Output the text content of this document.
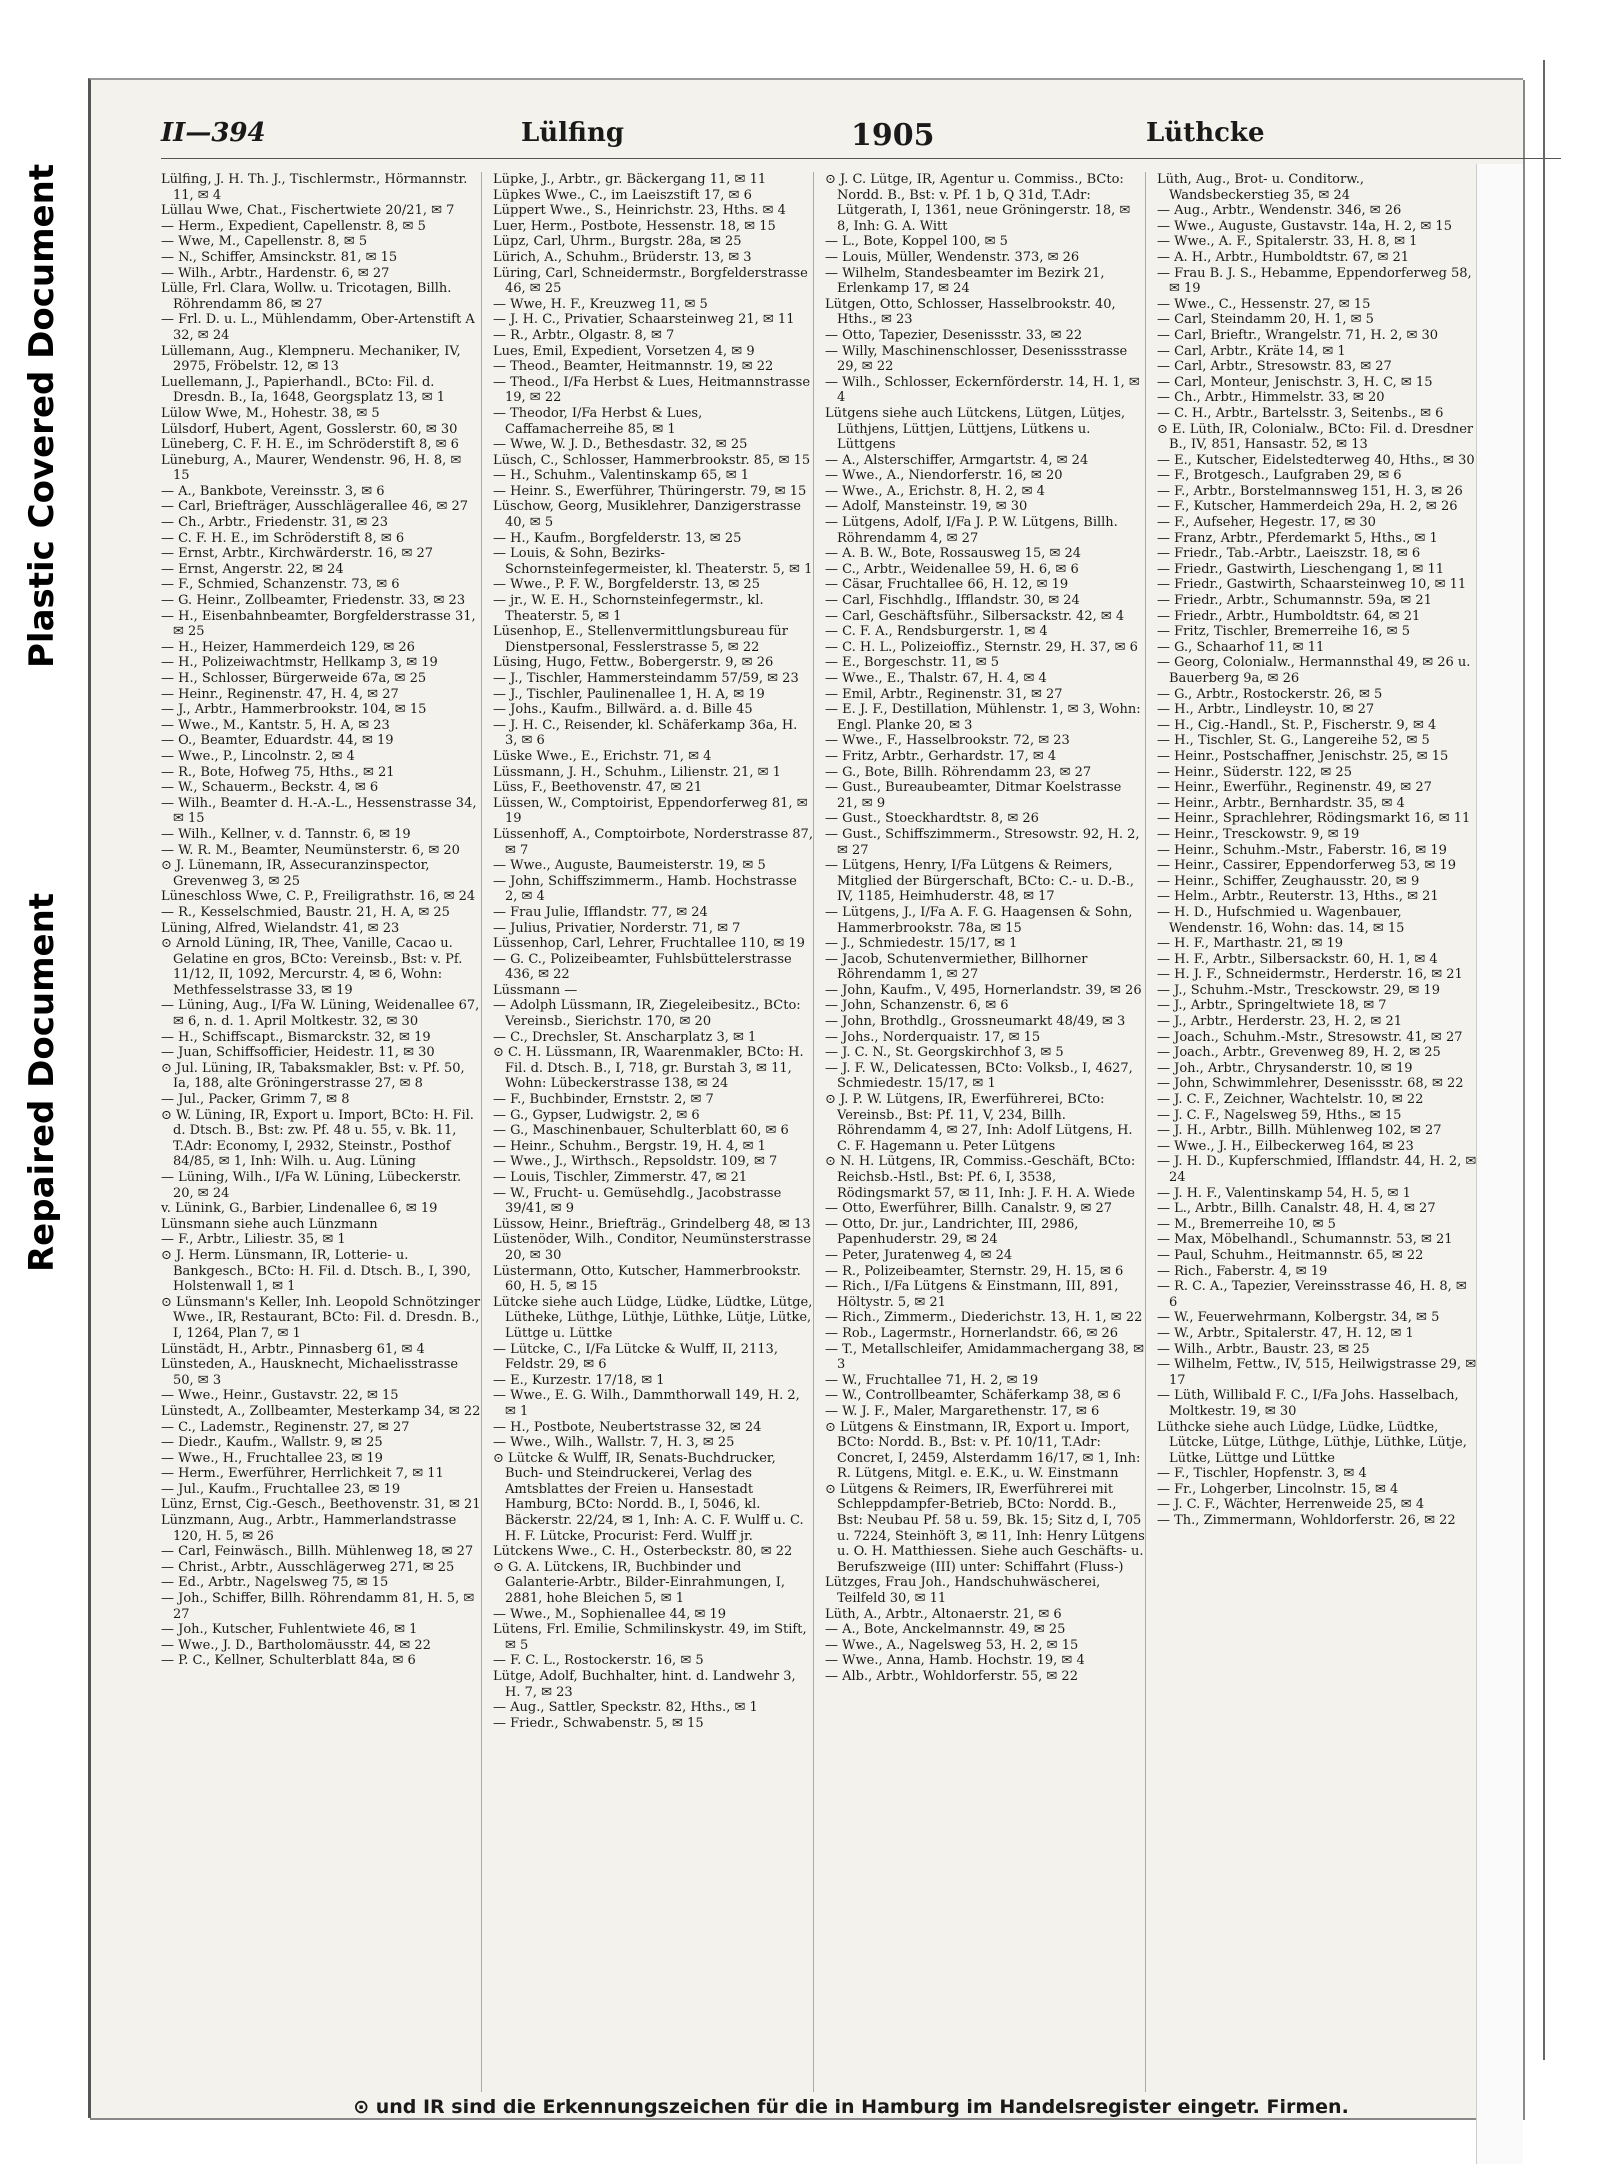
Plastic Covered Document
Repaired Document
II—394	Lülfing	1905	Lüthcke

Lülfing, J. H. Th. J., Tischlermstr., Hörmannstr. 11, ✉ 4

Lüllau Wwe, Chat., Fischertwiete 20/21, ✉ 7

— Herm., Expedient, Capellenstr. 8, ✉ 5

— Wwe, M., Capellenstr. 8, ✉ 5

— N., Schiffer, Amsinckstr. 81, ✉ 15

— Wilh., Arbtr., Hardenstr. 6, ✉ 27

Lülle, Frl. Clara, Wollw. u. Tricotagen, Billh. Röhrendamm 86, ✉ 27

— Frl. D. u. L., Mühlendamm, Ober-Artenstift A 32, ✉ 24

Lüllemann, Aug., Klempneru. Mechaniker, IV, 2975, Fröbelstr. 12, ✉ 13

Luellemann, J., Papierhandl., BCto: Fil. d. Dresdn. B., Ia, 1648, Georgsplatz 13, ✉ 1

Lülow Wwe, M., Hohestr. 38, ✉ 5

Lülsdorf, Hubert, Agent, Gosslerstr. 60, ✉ 30

Lüneberg, C. F. H. E., im Schröderstift 8, ✉ 6

Lüneburg, A., Maurer, Wendenstr. 96, H. 8, ✉ 15

— A., Bankbote, Vereinsstr. 3, ✉ 6

— Carl, Briefträger, Ausschlägerallee 46, ✉ 27

— Ch., Arbtr., Friedenstr. 31, ✉ 23

— C. F. H. E., im Schröderstift 8, ✉ 6

— Ernst, Arbtr., Kirchwärderstr. 16, ✉ 27

— Ernst, Angerstr. 22, ✉ 24

— F., Schmied, Schanzenstr. 73, ✉ 6

— G. Heinr., Zollbeamter, Friedenstr. 33, ✉ 23

— H., Eisenbahnbeamter, Borgfelderstrasse 31, ✉ 25

— H., Heizer, Hammerdeich 129, ✉ 26

— H., Polizeiwachtmstr, Hellkamp 3, ✉ 19

— H., Schlosser, Bürgerweide 67a, ✉ 25

— Heinr., Reginenstr. 47, H. 4, ✉ 27

— J., Arbtr., Hammerbrookstr. 104, ✉ 15

— Wwe., M., Kantstr. 5, H. A, ✉ 23

— O., Beamter, Eduardstr. 44, ✉ 19

— Wwe., P., Lincolnstr. 2, ✉ 4

— R., Bote, Hofweg 75, Hths., ✉ 21

— W., Schauerm., Beckstr. 4, ✉ 6

— Wilh., Beamter d. H.-A.-L., Hessenstrasse 34, ✉ 15

— Wilh., Kellner, v. d. Tannstr. 6, ✉ 19

— W. R. M., Beamter, Neumünsterstr. 6, ✉ 20

⊙ J. Lünemann, IR, Assecuranzinspector, Grevenweg 3, ✉ 25

Lüneschloss Wwe, C. P., Freiligrathstr. 16, ✉ 24

— R., Kesselschmied, Baustr. 21, H. A, ✉ 25

Lüning, Alfred, Wielandstr. 41, ✉ 23

⊙ Arnold Lüning, IR, Thee, Vanille, Cacao u. Gelatine en gros, BCto: Vereinsb., Bst: v. Pf. 11/12, II, 1092, Mercurstr. 4, ✉ 6, Wohn: Methfesselstrasse 33, ✉ 19

— Lüning, Aug., I/Fa W. Lüning, Weidenallee 67, ✉ 6, n. d. 1. April Moltkestr. 32, ✉ 30

— H., Schiffscapt., Bismarckstr. 32, ✉ 19

— Juan, Schiffsofficier, Heidestr. 11, ✉ 30

⊙ Jul. Lüning, IR, Tabaksmakler, Bst: v. Pf. 50, Ia, 188, alte Gröningerstrasse 27, ✉ 8

— Jul., Packer, Grimm 7, ✉ 8

⊙ W. Lüning, IR, Export u. Import, BCto: H. Fil. d. Dtsch. B., Bst: zw. Pf. 48 u. 55, v. Bk. 11, T.Adr: Economy, I, 2932, Steinstr., Posthof 84/85, ✉ 1, Inh: Wilh. u. Aug. Lüning

— Lüning, Wilh., I/Fa W. Lüning, Lübeckerstr. 20, ✉ 24

v. Lünink, G., Barbier, Lindenallee 6, ✉ 19

Lünsmann siehe auch Lünzmann

— F., Arbtr., Liliestr. 35, ✉ 1

⊙ J. Herm. Lünsmann, IR, Lotterie- u. Bankgesch., BCto: H. Fil. d. Dtsch. B., I, 390, Holstenwall 1, ✉ 1

⊙ Lünsmann's Keller, Inh. Leopold Schnötzinger Wwe., IR, Restaurant, BCto: Fil. d. Dresdn. B., I, 1264, Plan 7, ✉ 1

Lünstädt, H., Arbtr., Pinnasberg 61, ✉ 4

Lünsteden, A., Hausknecht, Michaelisstrasse 50, ✉ 3

— Wwe., Heinr., Gustavstr. 22, ✉ 15

Lünstedt, A., Zollbeamter, Mesterkamp 34, ✉ 22

— C., Lademstr., Reginenstr. 27, ✉ 27

— Diedr., Kaufm., Wallstr. 9, ✉ 25

— Wwe., H., Fruchtallee 23, ✉ 19

— Herm., Ewerführer, Herrlichkeit 7, ✉ 11

— Jul., Kaufm., Fruchtallee 23, ✉ 19

Lünz, Ernst, Cig.-Gesch., Beethovenstr. 31, ✉ 21

Lünzmann, Aug., Arbtr., Hammerlandstrasse 120, H. 5, ✉ 26

— Carl, Feinwäsch., Billh. Mühlenweg 18, ✉ 27

— Christ., Arbtr., Ausschlägerweg 271, ✉ 25

— Ed., Arbtr., Nagelsweg 75, ✉ 15

— Joh., Schiffer, Billh. Röhrendamm 81, H. 5, ✉ 27

— Joh., Kutscher, Fuhlentwiete 46, ✉ 1

— Wwe., J. D., Bartholomäusstr. 44, ✉ 22

— P. C., Kellner, Schulterblatt 84a, ✉ 6

Lüpke, J., Arbtr., gr. Bäckergang 11, ✉ 11

Lüpkes Wwe., C., im Laeiszstift 17, ✉ 6

Lüppert Wwe., S., Heinrichstr. 23, Hths. ✉ 4

Luer, Herm., Postbote, Hessenstr. 18, ✉ 15

Lüpz, Carl, Uhrm., Burgstr. 28a, ✉ 25

Lürich, A., Schuhm., Brüderstr. 13, ✉ 3

Lüring, Carl, Schneidermstr., Borgfelderstrasse 46, ✉ 25

— Wwe, H. F., Kreuzweg 11, ✉ 5

— J. H. C., Privatier, Schaarsteinweg 21, ✉ 11

— R., Arbtr., Olgastr. 8, ✉ 7

Lues, Emil, Expedient, Vorsetzen 4, ✉ 9

— Theod., Beamter, Heitmannstr. 19, ✉ 22

— Theod., I/Fa Herbst & Lues, Heitmannstrasse 19, ✉ 22

— Theodor, I/Fa Herbst & Lues, Caffamacherreihe 85, ✉ 1

— Wwe, W. J. D., Bethesdastr. 32, ✉ 25

Lüsch, C., Schlosser, Hammerbrookstr. 85, ✉ 15

— H., Schuhm., Valentinskamp 65, ✉ 1

— Heinr. S., Ewerführer, Thüringerstr. 79, ✉ 15

Lüschow, Georg, Musiklehrer, Danzigerstrasse 40, ✉ 5

— H., Kaufm., Borgfelderstr. 13, ✉ 25

— Louis, & Sohn, Bezirks-Schornsteinfegermeister, kl. Theaterstr. 5, ✉ 1

— Wwe., P. F. W., Borgfelderstr. 13, ✉ 25

— jr., W. E. H., Schornsteinfegermstr., kl. Theaterstr. 5, ✉ 1

Lüsenhop, E., Stellenvermittlungsbureau für Dienstpersonal, Fesslerstrasse 5, ✉ 22

Lüsing, Hugo, Fettw., Bobergerstr. 9, ✉ 26

— J., Tischler, Hammersteindamm 57/59, ✉ 23

— J., Tischler, Paulinenallee 1, H. A, ✉ 19

— Johs., Kaufm., Billwärd. a. d. Bille 45

— J. H. C., Reisender, kl. Schäferkamp 36a, H. 3, ✉ 6

Lüske Wwe., E., Erichstr. 71, ✉ 4

Lüssmann, J. H., Schuhm., Lilienstr. 21, ✉ 1

Lüss, F., Beethovenstr. 47, ✉ 21

Lüssen, W., Comptoirist, Eppendorferweg 81, ✉ 19

Lüssenhoff, A., Comptoirbote, Norderstrasse 87, ✉ 7

— Wwe., Auguste, Baumeisterstr. 19, ✉ 5

— John, Schiffszimmerm., Hamb. Hochstrasse 2, ✉ 4

— Frau Julie, Ifflandstr. 77, ✉ 24

— Julius, Privatier, Norderstr. 71, ✉ 7

Lüssenhop, Carl, Lehrer, Fruchtallee 110, ✉ 19

— G. C., Polizeibeamter, Fuhlsbüttelerstrasse 436, ✉ 22

Lüssmann —

— Adolph Lüssmann, IR, Ziegeleibesitz., BCto: Vereinsb., Sierichstr. 170, ✉ 20

— C., Drechsler, St. Anscharplatz 3, ✉ 1

⊙ C. H. Lüssmann, IR, Waarenmakler, BCto: H. Fil. d. Dtsch. B., I, 718, gr. Burstah 3, ✉ 11, Wohn: Lübeckerstrasse 138, ✉ 24

— F., Buchbinder, Ernststr. 2, ✉ 7

— G., Gypser, Ludwigstr. 2, ✉ 6

— G., Maschinenbauer, Schulterblatt 60, ✉ 6

— Heinr., Schuhm., Bergstr. 19, H. 4, ✉ 1

— Wwe., J., Wirthsch., Repsoldstr. 109, ✉ 7

— Louis, Tischler, Zimmerstr. 47, ✉ 21

— W., Frucht- u. Gemüsehdlg., Jacobstrasse 39/41, ✉ 9

Lüssow, Heinr., Briefträg., Grindelberg 48, ✉ 13

Lüstenöder, Wilh., Conditor, Neumünsterstrasse 20, ✉ 30

Lüstermann, Otto, Kutscher, Hammerbrookstr. 60, H. 5, ✉ 15

Lütcke siehe auch Lüdge, Lüdke, Lüdtke, Lütge, Lütheke, Lüthge, Lüthje, Lüthke, Lütje, Lütke, Lüttge u. Lüttke

— Lütcke, C., I/Fa Lütcke & Wulff, II, 2113, Feldstr. 29, ✉ 6

— E., Kurzestr. 17/18, ✉ 1

— Wwe., E. G. Wilh., Dammthorwall 149, H. 2, ✉ 1

— H., Postbote, Neubertstrasse 32, ✉ 24

— Wwe., Wilh., Wallstr. 7, H. 3, ✉ 25

⊙ Lütcke & Wulff, IR, Senats-Buchdrucker, Buch- und Steindruckerei, Verlag des Amtsblattes der Freien u. Hansestadt Hamburg, BCto: Nordd. B., I, 5046, kl. Bäckerstr. 22/24, ✉ 1, Inh: A. C. F. Wulff u. C. H. F. Lütcke, Procurist: Ferd. Wulff jr.

Lütckens Wwe., C. H., Osterbeckstr. 80, ✉ 22

⊙ G. A. Lütckens, IR, Buchbinder und Galanterie-Arbtr., Bilder-Einrahmungen, I, 2881, hohe Bleichen 5, ✉ 1

— Wwe., M., Sophienallee 44, ✉ 19

Lütens, Frl. Emilie, Schmilinskystr. 49, im Stift, ✉ 5

— F. C. L., Rostockerstr. 16, ✉ 5

Lütge, Adolf, Buchhalter, hint. d. Landwehr 3, H. 7, ✉ 23

— Aug., Sattler, Speckstr. 82, Hths., ✉ 1

— Friedr., Schwabenstr. 5, ✉ 15

⊙ J. C. Lütge, IR, Agentur u. Commiss., BCto: Nordd. B., Bst: v. Pf. 1 b, Q 31d, T.Adr: Lütgerath, I, 1361, neue Gröningerstr. 18, ✉ 8, Inh: G. A. Witt

— L., Bote, Koppel 100, ✉ 5

— Louis, Müller, Wendenstr. 373, ✉ 26

— Wilhelm, Standesbeamter im Bezirk 21, Erlenkamp 17, ✉ 24

Lütgen, Otto, Schlosser, Hasselbrookstr. 40, Hths., ✉ 23

— Otto, Tapezier, Desenissstr. 33, ✉ 22

— Willy, Maschinenschlosser, Desenissstrasse 29, ✉ 22

— Wilh., Schlosser, Eckernförderstr. 14, H. 1, ✉ 4

Lütgens siehe auch Lütckens, Lütgen, Lütjes, Lüthjens, Lüttjen, Lüttjens, Lütkens u. Lüttgens

— A., Alsterschiffer, Armgartstr. 4, ✉ 24

— Wwe., A., Niendorferstr. 16, ✉ 20

— Wwe., A., Erichstr. 8, H. 2, ✉ 4

— Adolf, Mansteinstr. 19, ✉ 30

— Lütgens, Adolf, I/Fa J. P. W. Lütgens, Billh. Röhrendamm 4, ✉ 27

— A. B. W., Bote, Rossausweg 15, ✉ 24

— C., Arbtr., Weidenallee 59, H. 6, ✉ 6

— Cäsar, Fruchtallee 66, H. 12, ✉ 19

— Carl, Fischhdlg., Ifflandstr. 30, ✉ 24

— Carl, Geschäftsführ., Silbersackstr. 42, ✉ 4

— C. F. A., Rendsburgerstr. 1, ✉ 4

— C. H. L., Polizeioffiz., Sternstr. 29, H. 37, ✉ 6

— E., Borgeschstr. 11, ✉ 5

— Wwe., E., Thalstr. 67, H. 4, ✉ 4

— Emil, Arbtr., Reginenstr. 31, ✉ 27

— E. J. F., Destillation, Mühlenstr. 1, ✉ 3, Wohn: Engl. Planke 20, ✉ 3

— Wwe., F., Hasselbrookstr. 72, ✉ 23

— Fritz, Arbtr., Gerhardstr. 17, ✉ 4

— G., Bote, Billh. Röhrendamm 23, ✉ 27

— Gust., Bureaubeamter, Ditmar Koelstrasse 21, ✉ 9

— Gust., Stoeckhardtstr. 8, ✉ 26

— Gust., Schiffszimmerm., Stresowstr. 92, H. 2, ✉ 27

— Lütgens, Henry, I/Fa Lütgens & Reimers, Mitglied der Bürgerschaft, BCto: C.- u. D.-B., IV, 1185, Heimhuderstr. 48, ✉ 17

— Lütgens, J., I/Fa A. F. G. Haagensen & Sohn, Hammerbrookstr. 78a, ✉ 15

— J., Schmiedestr. 15/17, ✉ 1

— Jacob, Schutenvermiether, Billhorner Röhrendamm 1, ✉ 27

— John, Kaufm., V, 495, Hornerlandstr. 39, ✉ 26

— John, Schanzenstr. 6, ✉ 6

— John, Brothdlg., Grossneumarkt 48/49, ✉ 3

— Johs., Norderquaistr. 17, ✉ 15

— J. C. N., St. Georgskirchhof 3, ✉ 5

— J. F. W., Delicatessen, BCto: Volksb., I, 4627, Schmiedestr. 15/17, ✉ 1

⊙ J. P. W. Lütgens, IR, Ewerführerei, BCto: Vereinsb., Bst: Pf. 11, V, 234, Billh. Röhrendamm 4, ✉ 27, Inh: Adolf Lütgens, H. C. F. Hagemann u. Peter Lütgens

⊙ N. H. Lütgens, IR, Commiss.-Geschäft, BCto: Reichsb.-Hstl., Bst: Pf. 6, I, 3538, Rödingsmarkt 57, ✉ 11, Inh: J. F. H. A. Wiede

— Otto, Ewerführer, Billh. Canalstr. 9, ✉ 27

— Otto, Dr. jur., Landrichter, III, 2986, Papenhuderstr. 29, ✉ 24

— Peter, Juratenweg 4, ✉ 24

— R., Polizeibeamter, Sternstr. 29, H. 15, ✉ 6

— Rich., I/Fa Lütgens & Einstmann, III, 891, Höltystr. 5, ✉ 21

— Rich., Zimmerm., Diederichstr. 13, H. 1, ✉ 22

— Rob., Lagermstr., Hornerlandstr. 66, ✉ 26

— T., Metallschleifer, Amidammachergang 38, ✉ 3

— W., Fruchtallee 71, H. 2, ✉ 19

— W., Controllbeamter, Schäferkamp 38, ✉ 6

— W. J. F., Maler, Margarethenstr. 17, ✉ 6

⊙ Lütgens & Einstmann, IR, Export u. Import, BCto: Nordd. B., Bst: v. Pf. 10/11, T.Adr: Concret, I, 2459, Alsterdamm 16/17, ✉ 1, Inh: R. Lütgens, Mitgl. e. E.K., u. W. Einstmann

⊙ Lütgens & Reimers, IR, Ewerführerei mit Schleppdampfer-Betrieb, BCto: Nordd. B., Bst: Neubau Pf. 58 u. 59, Bk. 15; Sitz d, I, 705 u. 7224, Steinhöft 3, ✉ 11, Inh: Henry Lütgens u. O. H. Matthiessen. Siehe auch Geschäfts- u. Berufszweige (III) unter: Schiffahrt (Fluss-)

Lützges, Frau Joh., Handschuhwäscherei, Teilfeld 30, ✉ 11

Lüth, A., Arbtr., Altonaerstr. 21, ✉ 6

— A., Bote, Anckelmannstr. 49, ✉ 25

— Wwe., A., Nagelsweg 53, H. 2, ✉ 15

— Wwe., Anna, Hamb. Hochstr. 19, ✉ 4

— Alb., Arbtr., Wohldorferstr. 55, ✉ 22

Lüth, Aug., Brot- u. Conditorw., Wandsbeckerstieg 35, ✉ 24

— Aug., Arbtr., Wendenstr. 346, ✉ 26

— Wwe., Auguste, Gustavstr. 14a, H. 2, ✉ 15

— Wwe., A. F., Spitalerstr. 33, H. 8, ✉ 1

— A. H., Arbtr., Humboldtstr. 67, ✉ 21

— Frau B. J. S., Hebamme, Eppendorferweg 58, ✉ 19

— Wwe., C., Hessenstr. 27, ✉ 15

— Carl, Steindamm 20, H. 1, ✉ 5

— Carl, Brieftr., Wrangelstr. 71, H. 2, ✉ 30

— Carl, Arbtr., Kräte 14, ✉ 1

— Carl, Arbtr., Stresowstr. 83, ✉ 27

— Carl, Monteur, Jenischstr. 3, H. C, ✉ 15

— Ch., Arbtr., Himmelstr. 33, ✉ 20

— C. H., Arbtr., Bartelsstr. 3, Seitenbs., ✉ 6

⊙ E. Lüth, IR, Colonialw., BCto: Fil. d. Dresdner B., IV, 851, Hansastr. 52, ✉ 13

— E., Kutscher, Eidelstedterweg 40, Hths., ✉ 30

— F., Brotgesch., Laufgraben 29, ✉ 6

— F., Arbtr., Borstelmannsweg 151, H. 3, ✉ 26

— F., Kutscher, Hammerdeich 29a, H. 2, ✉ 26

— F., Aufseher, Hegestr. 17, ✉ 30

— Franz, Arbtr., Pferdemarkt 5, Hths., ✉ 1

— Friedr., Tab.-Arbtr., Laeiszstr. 18, ✉ 6

— Friedr., Gastwirth, Lieschengang 1, ✉ 11

— Friedr., Gastwirth, Schaarsteinweg 10, ✉ 11

— Friedr., Arbtr., Schumannstr. 59a, ✉ 21

— Friedr., Arbtr., Humboldtstr. 64, ✉ 21

— Fritz, Tischler, Bremerreihe 16, ✉ 5

— G., Schaarhof 11, ✉ 11

— Georg, Colonialw., Hermannsthal 49, ✉ 26 u. Bauerberg 9a, ✉ 26

— G., Arbtr., Rostockerstr. 26, ✉ 5

— H., Arbtr., Lindleystr. 10, ✉ 27

— H., Cig.-Handl., St. P., Fischerstr. 9, ✉ 4

— H., Tischler, St. G., Langereihe 52, ✉ 5

— Heinr., Postschaffner, Jenischstr. 25, ✉ 15

— Heinr., Süderstr. 122, ✉ 25

— Heinr., Ewerführ., Reginenstr. 49, ✉ 27

— Heinr., Arbtr., Bernhardstr. 35, ✉ 4

— Heinr., Sprachlehrer, Rödingsmarkt 16, ✉ 11

— Heinr., Tresckowstr. 9, ✉ 19

— Heinr., Schuhm.-Mstr., Faberstr. 16, ✉ 19

— Heinr., Cassirer, Eppendorferweg 53, ✉ 19

— Heinr., Schiffer, Zeughausstr. 20, ✉ 9

— Helm., Arbtr., Reuterstr. 13, Hths., ✉ 21

— H. D., Hufschmied u. Wagenbauer, Wendenstr. 16, Wohn: das. 14, ✉ 15

— H. F., Marthastr. 21, ✉ 19

— H. F., Arbtr., Silbersackstr. 60, H. 1, ✉ 4

— H. J. F., Schneidermstr., Herderstr. 16, ✉ 21

— J., Schuhm.-Mstr., Tresckowstr. 29, ✉ 19

— J., Arbtr., Springeltwiete 18, ✉ 7

— J., Arbtr., Herderstr. 23, H. 2, ✉ 21

— Joach., Schuhm.-Mstr., Stresowstr. 41, ✉ 27

— Joach., Arbtr., Grevenweg 89, H. 2, ✉ 25

— Joh., Arbtr., Chrysanderstr. 10, ✉ 19

— John, Schwimmlehrer, Desenissstr. 68, ✉ 22

— J. C. F., Zeichner, Wachtelstr. 10, ✉ 22

— J. C. F., Nagelsweg 59, Hths., ✉ 15

— J. H., Arbtr., Billh. Mühlenweg 102, ✉ 27

— Wwe., J. H., Eilbeckerweg 164, ✉ 23

— J. H. D., Kupferschmied, Ifflandstr. 44, H. 2, ✉ 24

— J. H. F., Valentinskamp 54, H. 5, ✉ 1

— L., Arbtr., Billh. Canalstr. 48, H. 4, ✉ 27

— M., Bremerreihe 10, ✉ 5

— Max, Möbelhandl., Schumannstr. 53, ✉ 21

— Paul, Schuhm., Heitmannstr. 65, ✉ 22

— Rich., Faberstr. 4, ✉ 19

— R. C. A., Tapezier, Vereinsstrasse 46, H. 8, ✉ 6

— W., Feuerwehrmann, Kolbergstr. 34, ✉ 5

— W., Arbtr., Spitalerstr. 47, H. 12, ✉ 1

— Wilh., Arbtr., Baustr. 23, ✉ 25

— Wilhelm, Fettw., IV, 515, Heilwigstrasse 29, ✉ 17

— Lüth, Willibald F. C., I/Fa Johs. Hasselbach, Moltkestr. 19, ✉ 30

Lüthcke siehe auch Lüdge, Lüdke, Lüdtke, Lütcke, Lütge, Lüthge, Lüthje, Lüthke, Lütje, Lütke, Lüttge und Lüttke

— F., Tischler, Hopfenstr. 3, ✉ 4

— Fr., Lohgerber, Lincolnstr. 15, ✉ 4

— J. C. F., Wächter, Herrenweide 25, ✉ 4

— Th., Zimmermann, Wohldorferstr. 26, ✉ 22

⊙ und IR sind die Erkennungszeichen für die in Hamburg im Handelsregister eingetr. Firmen.
